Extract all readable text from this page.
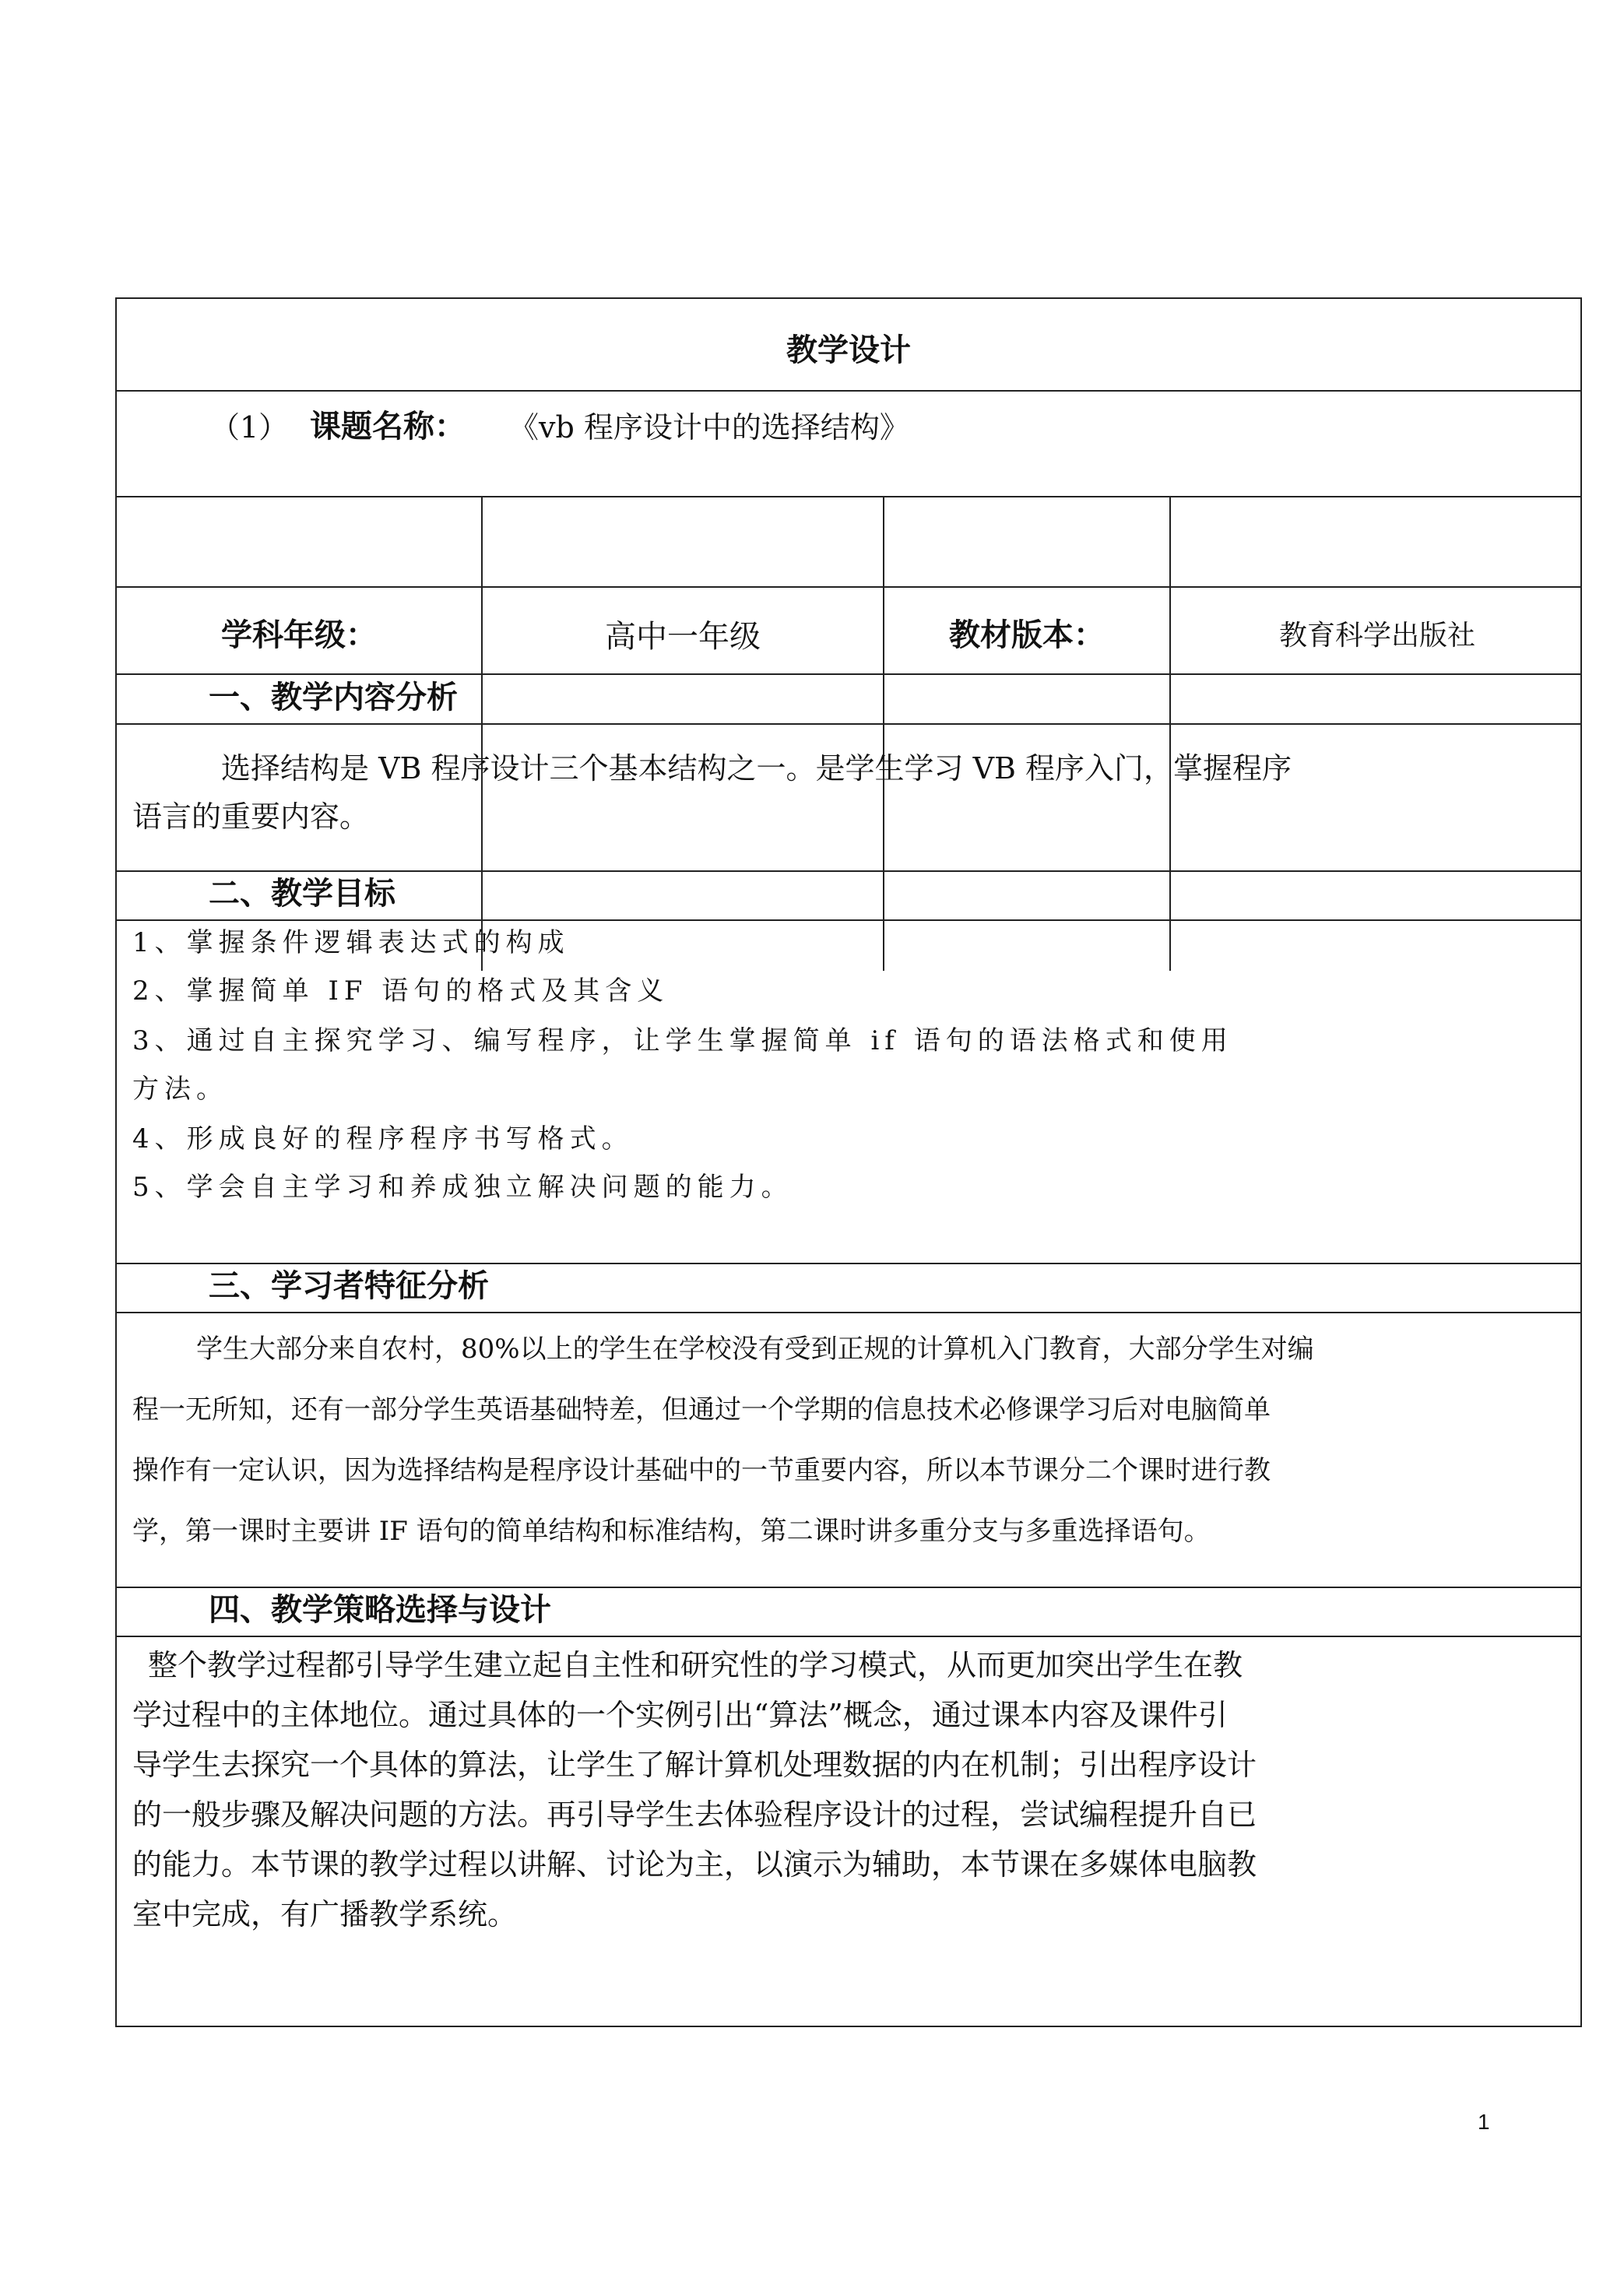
教学设计
（1） 课题名称： 《vb 程序设计中的选择结构》
学科年级：	高中一年级	教材版本：	教育科学出版社
一、教学内容分析
选择结构是 VB 程序设计三个基本结构之一。是学生学习 VB 程序入门，掌握程序
语言的重要内容。
二、教学目标
1、掌握条件逻辑表达式的构成
2、掌握简单 IF 语句的格式及其含义
3、通过自主探究学习、编写程序，让学生掌握简单 if 语句的语法格式和使用
方法。
4、形成良好的程序程序书写格式。
5、学会自主学习和养成独立解决问题的能力。
三、学习者特征分析
学生大部分来自农村，80%以上的学生在学校没有受到正规的计算机入门教育，大部分学生对编
程一无所知，还有一部分学生英语基础特差，但通过一个学期的信息技术必修课学习后对电脑简单
操作有一定认识，因为选择结构是程序设计基础中的一节重要内容，所以本节课分二个课时进行教
学，第一课时主要讲 IF 语句的简单结构和标准结构，第二课时讲多重分支与多重选择语句。
四、教学策略选择与设计
整个教学过程都引导学生建立起自主性和研究性的学习模式，从而更加突出学生在教
学过程中的主体地位。通过具体的一个实例引出“算法”概念，通过课本内容及课件引
导学生去探究一个具体的算法，让学生了解计算机处理数据的内在机制；引出程序设计
的一般步骤及解决问题的方法。再引导学生去体验程序设计的过程，尝试编程提升自已
的能力。本节课的教学过程以讲解、讨论为主，以演示为辅助，本节课在多媒体电脑教
室中完成，有广播教学系统。
1
